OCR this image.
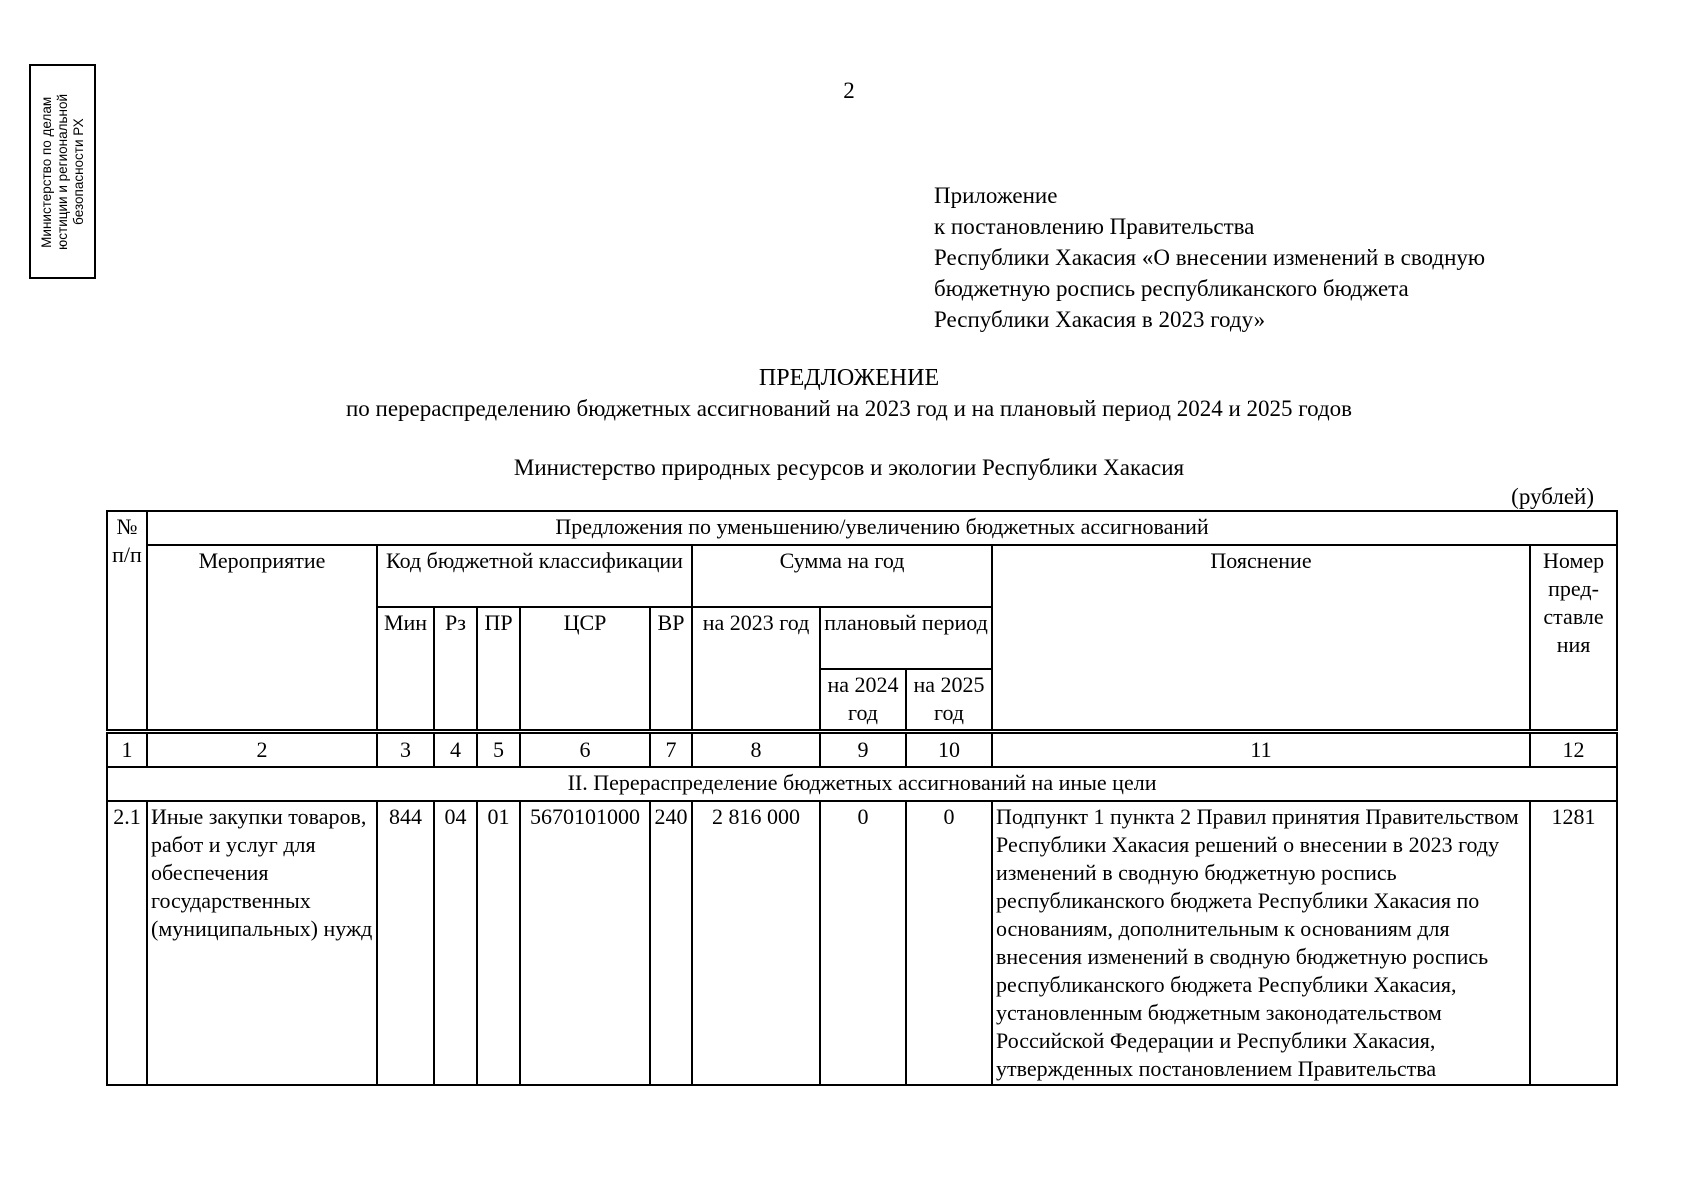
Министерство по делам
юстиции и региональной
безопасности РХ
2
Приложение
к постановлению Правительства
Республики Хакасия «О внесении изменений в сводную
бюджетную роспись республиканского бюджета
Республики Хакасия в 2023 году»
ПРЕДЛОЖЕНИЕ
по перераспределению бюджетных ассигнований на 2023 год и на плановый период 2024 и 2025 годов
Министерство природных ресурсов и экологии Республики Хакасия
(рублей)
№ п/п	Предложения по уменьшению/увеличению бюджетных ассигнований										
	Мероприятие	Код бюджетной классификации					Сумма на год			Пояснение	Номер пред-ставле ния
		Мин	Рз	ПР	ЦСР	ВР	на 2023 год	плановый период			
								на 2024 год	на 2025 год		
1	2	3	4	5	6	7	8	9	10	11	12
II. Перераспределение бюджетных ассигнований на иные цели											
2.1	Иные закупки товаров, работ и услуг для обеспечения государственных (муниципальных) нужд	844	04	01	5670101000	240	2 816 000	0	0	Подпункт 1 пункта 2 Правил принятия Правительством Республики Хакасия решений о внесении в 2023 году изменений в сводную бюджетную роспись республиканского бюджета Республики Хакасия по основаниям, дополнительным к основаниям для внесения изменений в сводную бюджетную роспись республиканского бюджета Республики Хакасия, установленным бюджетным законодательством Российской Федерации и Республики Хакасия, утвержденных постановлением Правительства	1281
